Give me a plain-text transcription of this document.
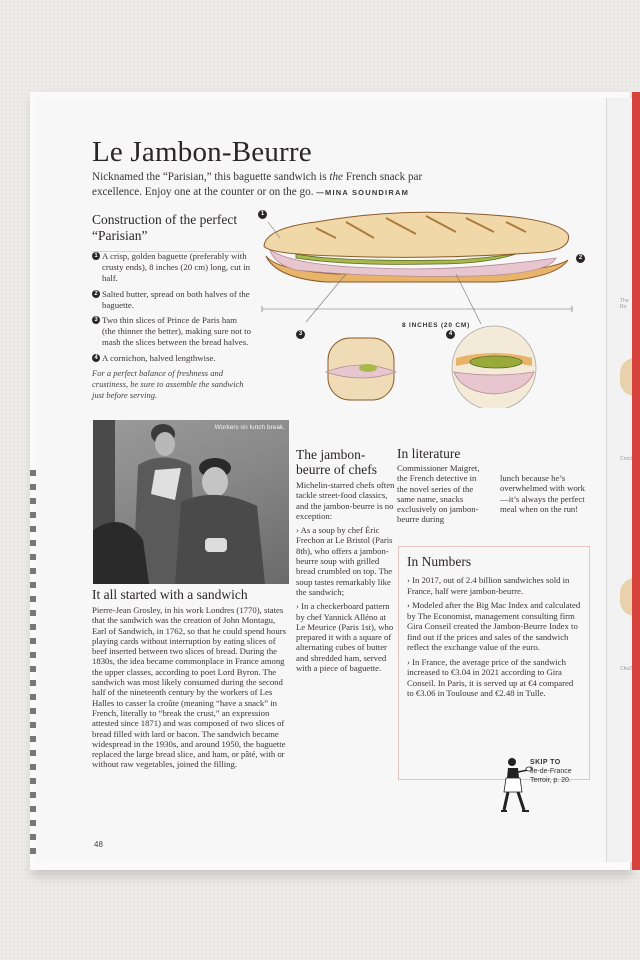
The Ro
Croct
CheZ
Le Jambon-Beurre
Nicknamed the “Parisian,” this baguette sandwich is the French snack par excellence. Enjoy one at the counter or on the go. —MINA SOUNDIRAM
Construction of the perfect “Parisian”
1 A crisp, golden baguette (preferably with crusty ends), 8 inches (20 cm) long, cut in half.
2 Salted butter, spread on both halves of the baguette.
3 Two thin slices of Prince de Paris ham (the thinner the better), making sure not to mash the slices between the bread halves.
4 A cornichon, halved lengthwise.
For a perfect balance of freshness and crustiness, be sure to assemble the sandwich just before serving.
1
2
3	4
8 INCHES (20 CM)
Workers on lunch break.
It all started with a sandwich
Pierre-Jean Grosley, in his work Londres (1770), states that the sandwich was the creation of John Montagu, Earl of Sandwich, in 1762, so that he could spend hours playing cards without interruption by eating slices of beef inserted between two slices of bread. During the 1830s, the idea became commonplace in France among the upper classes, according to poet Lord Byron. The sandwich was most likely consumed during the second half of the nineteenth century by the workers of Les Halles to casser la croûte (meaning “have a snack” in French, literally to “break the crust,” an expression attested since 1871) and was composed of two slices of bread filled with lard or bacon. The sandwich became widespread in the 1930s, and around 1950, the baguette replaced the large bread slice, and ham, or pâté, with or without raw vegetables, joined the filling.
The jambon-beurre of chefs

Michelin-starred chefs often tackle street-food classics, and the jambon-beurre is no exception:

› As a soup by chef Éric Frechon at Le Bristol (Paris 8th), who offers a jambon-beurre soup with grilled bread crumbled on top. The soup tastes remarkably like the sandwich;

› In a checkerboard pattern by chef Yannick Alléno at Le Meurice (Paris 1st), who prepared it with a square of alternating cubes of butter and shredded ham, served with a piece of baguette.

In literature
Commissioner Maigret, the French detective in the novel series of the same name, snacks exclusively on jambon-beurre during
lunch because he’s overwhelmed with work—it’s always the perfect meal when on the run!
In Numbers

› In 2017, out of 2.4 billion sandwiches sold in France, half were jambon-beurre.

› Modeled after the Big Mac Index and calculated by The Economist, management consulting firm Gira Conseil created the Jambon-Beurre Index to find out if the prices and sales of the sandwich reflect the exchange value of the euro.

› In France, the average price of the sandwich increased to €3.04 in 2021 according to Gira Conseil. In Paris, it is served up at €4 compared to €3.06 in Toulouse and €2.48 in Tulle.

SKIP TO
Île-de-France
Terroir, p. 20.
48
